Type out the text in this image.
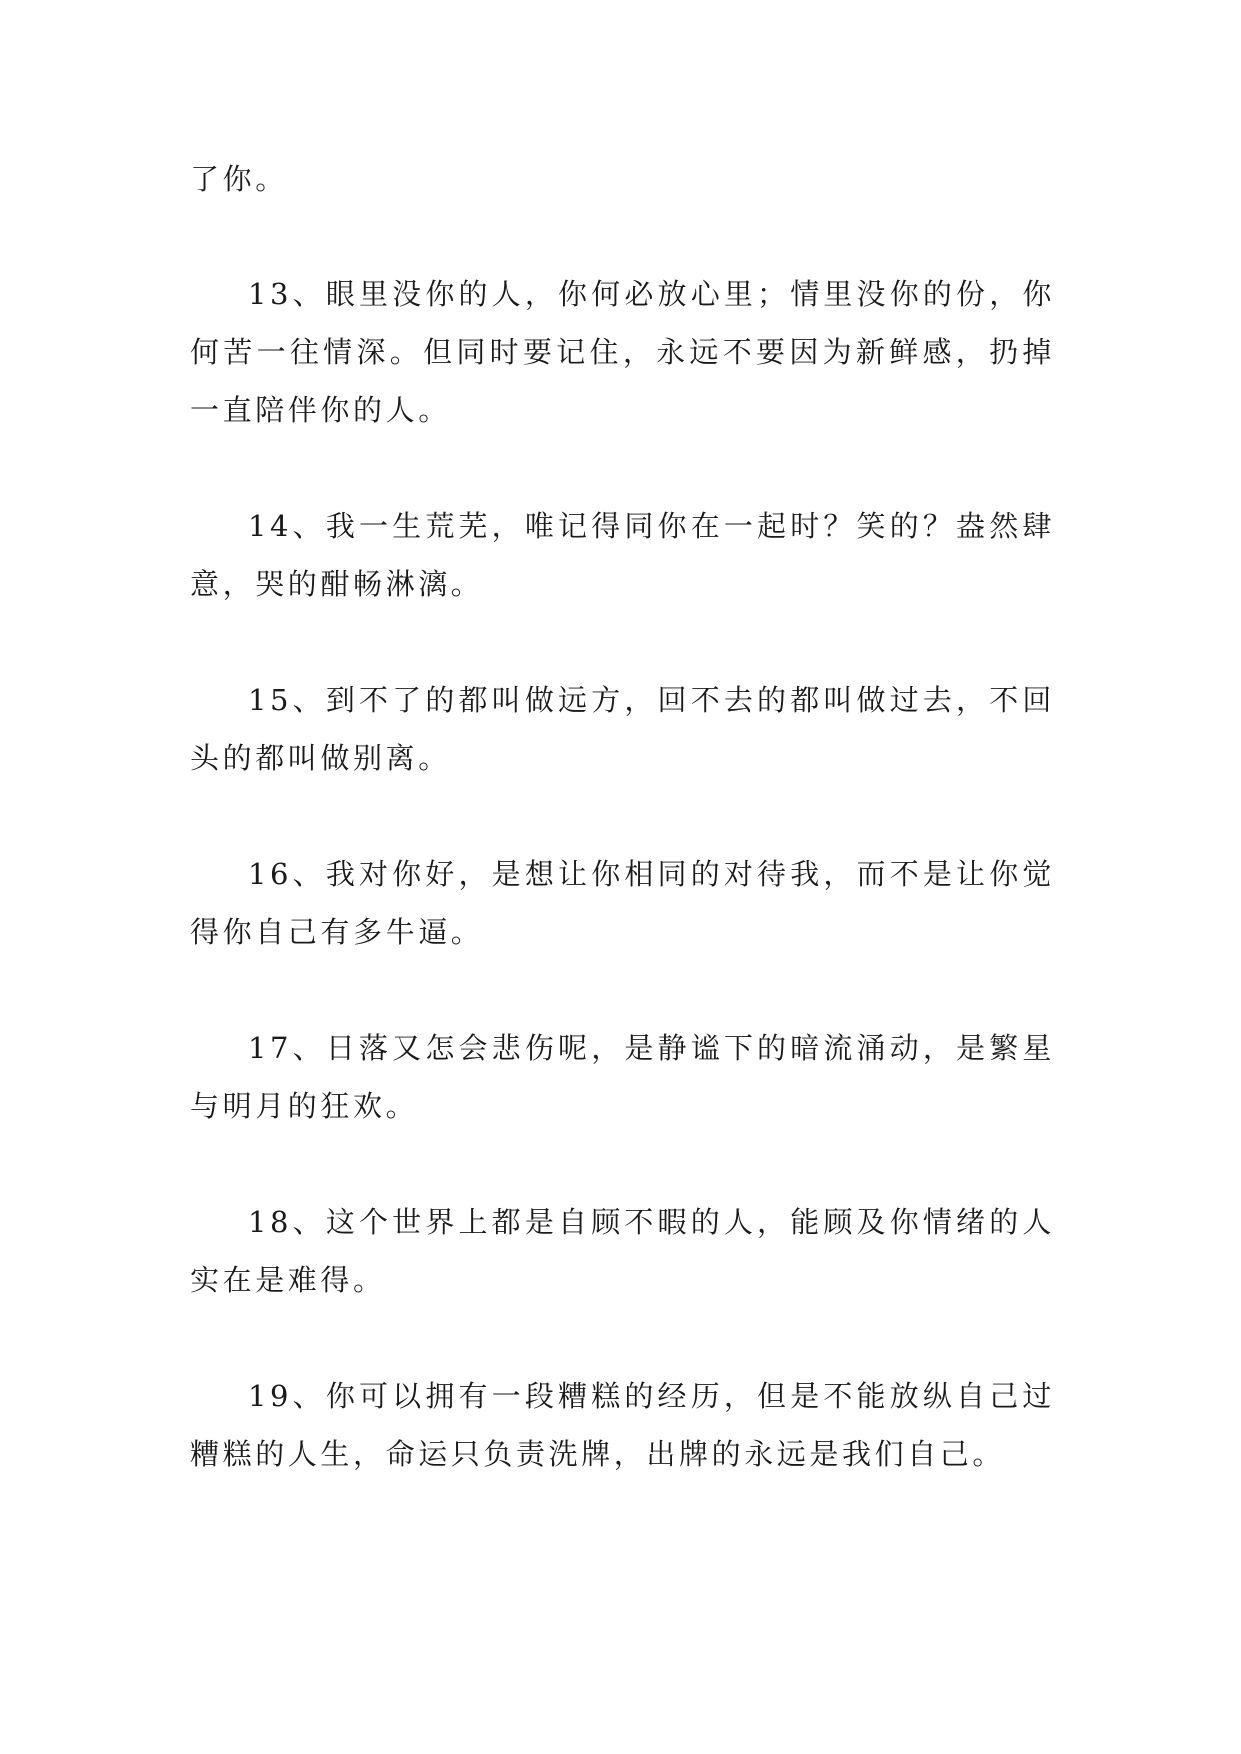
了你。

13、眼里没你的人，你何必放心里；情里没你的份，你何苦一往情深。但同时要记住，永远不要因为新鲜感，扔掉一直陪伴你的人。

14、我一生荒芜，唯记得同你在一起时？笑的？盎然肆意，哭的酣畅淋漓。

15、到不了的都叫做远方，回不去的都叫做过去，不回头的都叫做别离。

16、我对你好，是想让你相同的对待我，而不是让你觉得你自己有多牛逼。

17、日落又怎会悲伤呢，是静谧下的暗流涌动，是繁星与明月的狂欢。

18、这个世界上都是自顾不暇的人，能顾及你情绪的人实在是难得。

19、你可以拥有一段糟糕的经历，但是不能放纵自己过糟糕的人生，命运只负责洗牌，出牌的永远是我们自己。
